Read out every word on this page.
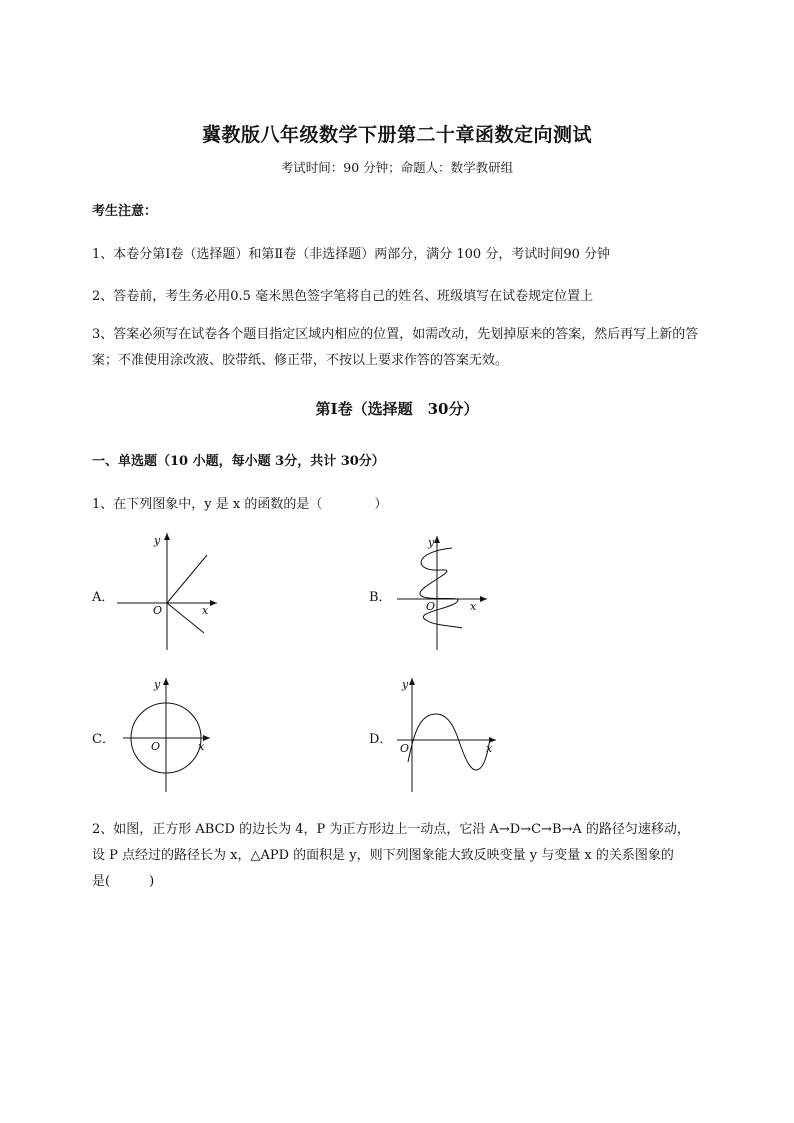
冀教版八年级数学下册第二十章函数定向测试
考试时间：90 分钟；命题人：数学教研组
考生注意：
1、本卷分第Ⅰ卷（选择题）和第Ⅱ卷（非选择题）两部分，满分 100 分，考试时间90 分钟
2、答卷前，考生务必用0.5 毫米黑色签字笔将自己的姓名、班级填写在试卷规定位置上
3、答案必须写在试卷各个题目指定区域内相应的位置，如需改动，先划掉原来的答案，然后再写上新的答案；不准使用涂改液、胶带纸、修正带，不按以上要求作答的答案无效。
第Ⅰ卷（选择题　30分）
一、单选题（10 小题，每小题 3分，共计 30分）
1、在下列图象中，y 是 x 的函数的是（　　　　）
A．
x
y
O
B．
x
y
O
C．	x
y
O	D．
x
y
O
2、如图，正方形 ABCD 的边长为 4，P 为正方形边上一动点，它沿 A→D→C→B→A 的路径匀速移动，
设 P 点经过的路径长为 x，△APD 的面积是 y，则下列图象能大致反映变量 y 与变量 x 的关系图象的
是(　　　)
